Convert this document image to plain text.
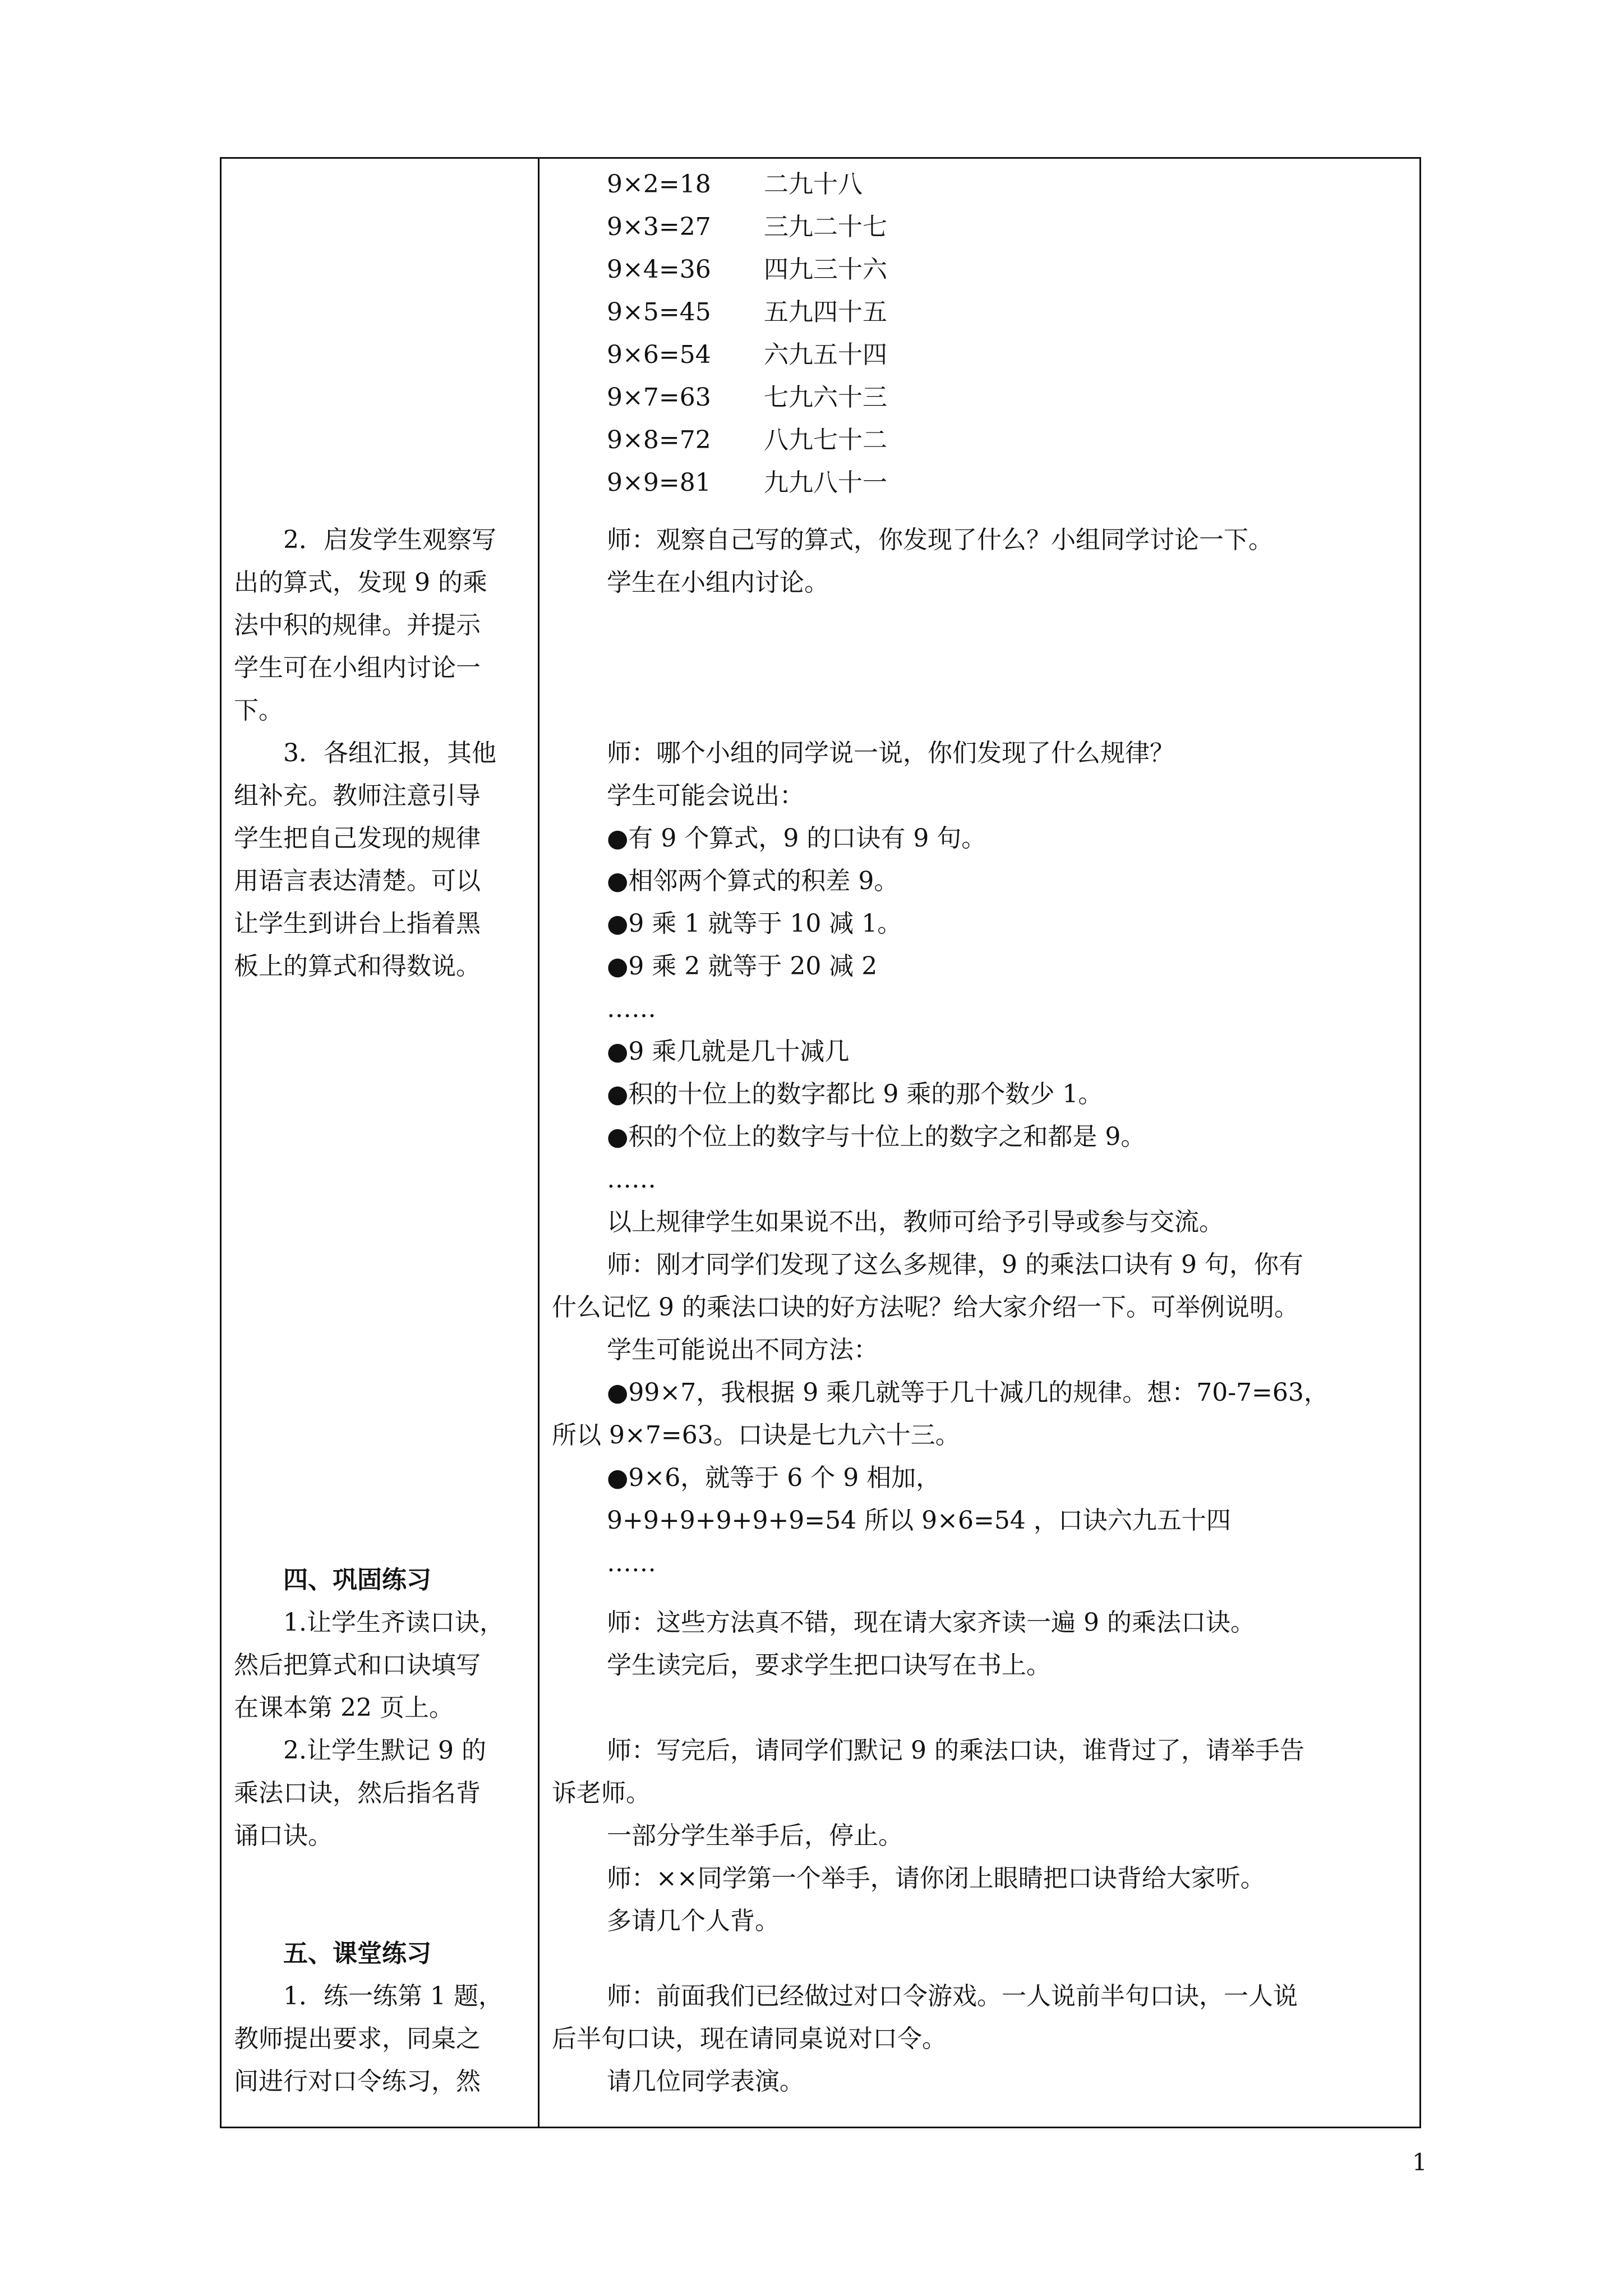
2．启发学生观察写
出的算式，发现 9 的乘
法中积的规律。并提示
学生可在小组内讨论一
下。
3．各组汇报，其他
组补充。教师注意引导
学生把自己发现的规律
用语言表达清楚。可以
让学生到讲台上指着黑
板上的算式和得数说。
四、巩固练习
1.让学生齐读口诀，
然后把算式和口诀填写
在课本第 22 页上。
2.让学生默记 9 的
乘法口诀，然后指名背
诵口诀。
五、课堂练习
1．练一练第 1 题，
教师提出要求，同桌之
间进行对口令练习，然
9×2=18 二九十八
9×3=27 三九二十七
9×4=36 四九三十六
9×5=45 五九四十五
9×6=54 六九五十四
9×7=63 七九六十三
9×8=72 八九七十二
9×9=81 九九八十一
师：观察自己写的算式，你发现了什么？小组同学讨论一下。
学生在小组内讨论。
师：哪个小组的同学说一说，你们发现了什么规律？
学生可能会说出：
●有 9 个算式，9 的口诀有 9 句。
●相邻两个算式的积差 9。
●9 乘 1 就等于 10 减 1。
●9 乘 2 就等于 20 减 2
……
●9 乘几就是几十减几
●积的十位上的数字都比 9 乘的那个数少 1。
●积的个位上的数字与十位上的数字之和都是 9。
……
以上规律学生如果说不出，教师可给予引导或参与交流。
师：刚才同学们发现了这么多规律，9 的乘法口诀有 9 句，你有
什么记忆 9 的乘法口诀的好方法呢？给大家介绍一下。可举例说明。
学生可能说出不同方法：
●99×7，我根据 9 乘几就等于几十减几的规律。想：70-7=63，
所以 9×7=63。口诀是七九六十三。
●9×6，就等于 6 个 9 相加，
9+9+9+9+9+9=54 所以 9×6=54 ，口诀六九五十四
……
师：这些方法真不错，现在请大家齐读一遍 9 的乘法口诀。
学生读完后，要求学生把口诀写在书上。
师：写完后，请同学们默记 9 的乘法口诀，谁背过了，请举手告
诉老师。
一部分学生举手后，停止。
师：××同学第一个举手，请你闭上眼睛把口诀背给大家听。
多请几个人背。
师：前面我们已经做过对口令游戏。一人说前半句口诀，一人说
后半句口诀，现在请同桌说对口令。
请几位同学表演。
1
